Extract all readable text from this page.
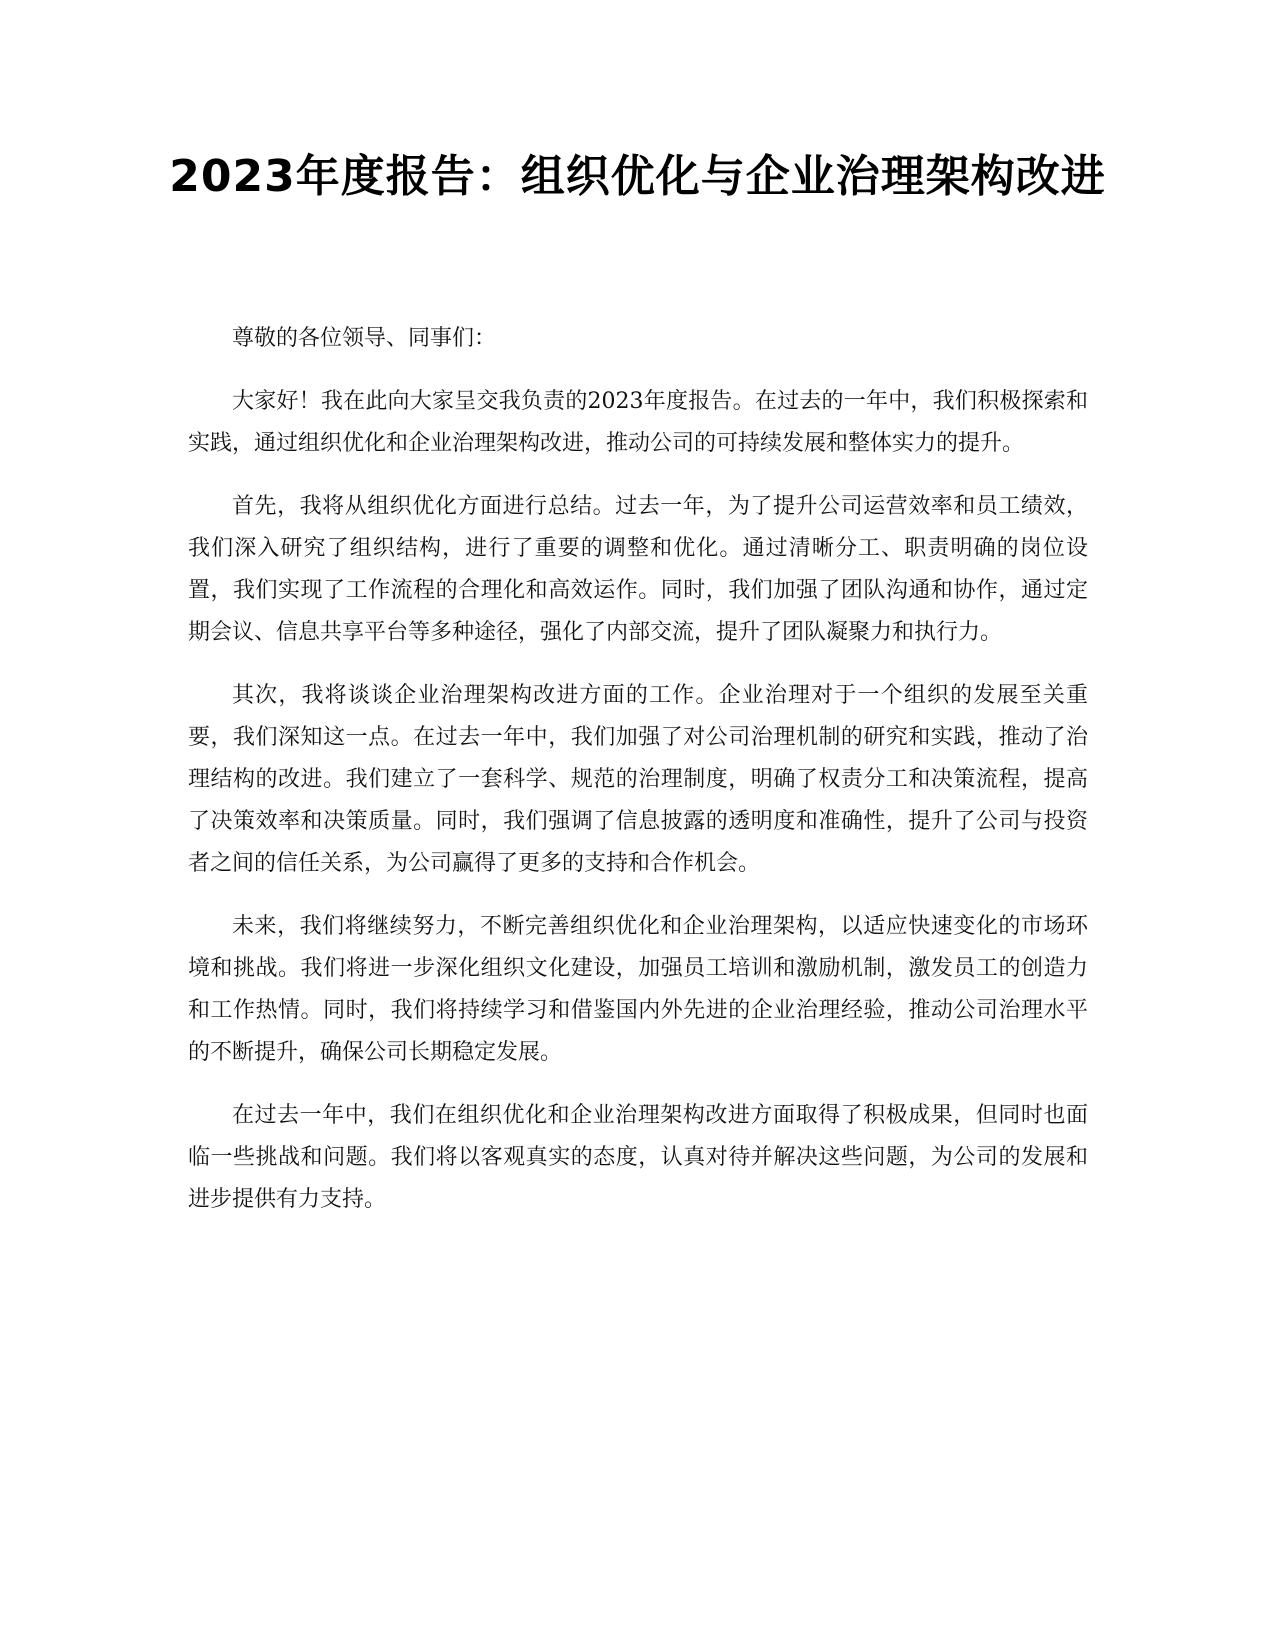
2023年度报告：组织优化与企业治理架构改进

尊敬的各位领导、同事们：

大家好！我在此向大家呈交我负责的2023年度报告。在过去的一年中，我们积极探索和实践，通过组织优化和企业治理架构改进，推动公司的可持续发展和整体实力的提升。

首先，我将从组织优化方面进行总结。过去一年，为了提升公司运营效率和员工绩效，我们深入研究了组织结构，进行了重要的调整和优化。通过清晰分工、职责明确的岗位设置，我们实现了工作流程的合理化和高效运作。同时，我们加强了团队沟通和协作，通过定期会议、信息共享平台等多种途径，强化了内部交流，提升了团队凝聚力和执行力。

其次，我将谈谈企业治理架构改进方面的工作。企业治理对于一个组织的发展至关重要，我们深知这一点。在过去一年中，我们加强了对公司治理机制的研究和实践，推动了治理结构的改进。我们建立了一套科学、规范的治理制度，明确了权责分工和决策流程，提高了决策效率和决策质量。同时，我们强调了信息披露的透明度和准确性，提升了公司与投资者之间的信任关系，为公司赢得了更多的支持和合作机会。

未来，我们将继续努力，不断完善组织优化和企业治理架构，以适应快速变化的市场环境和挑战。我们将进一步深化组织文化建设，加强员工培训和激励机制，激发员工的创造力和工作热情。同时，我们将持续学习和借鉴国内外先进的企业治理经验，推动公司治理水平的不断提升，确保公司长期稳定发展。

在过去一年中，我们在组织优化和企业治理架构改进方面取得了积极成果，但同时也面临一些挑战和问题。我们将以客观真实的态度，认真对待并解决这些问题，为公司的发展和进步提供有力支持。
